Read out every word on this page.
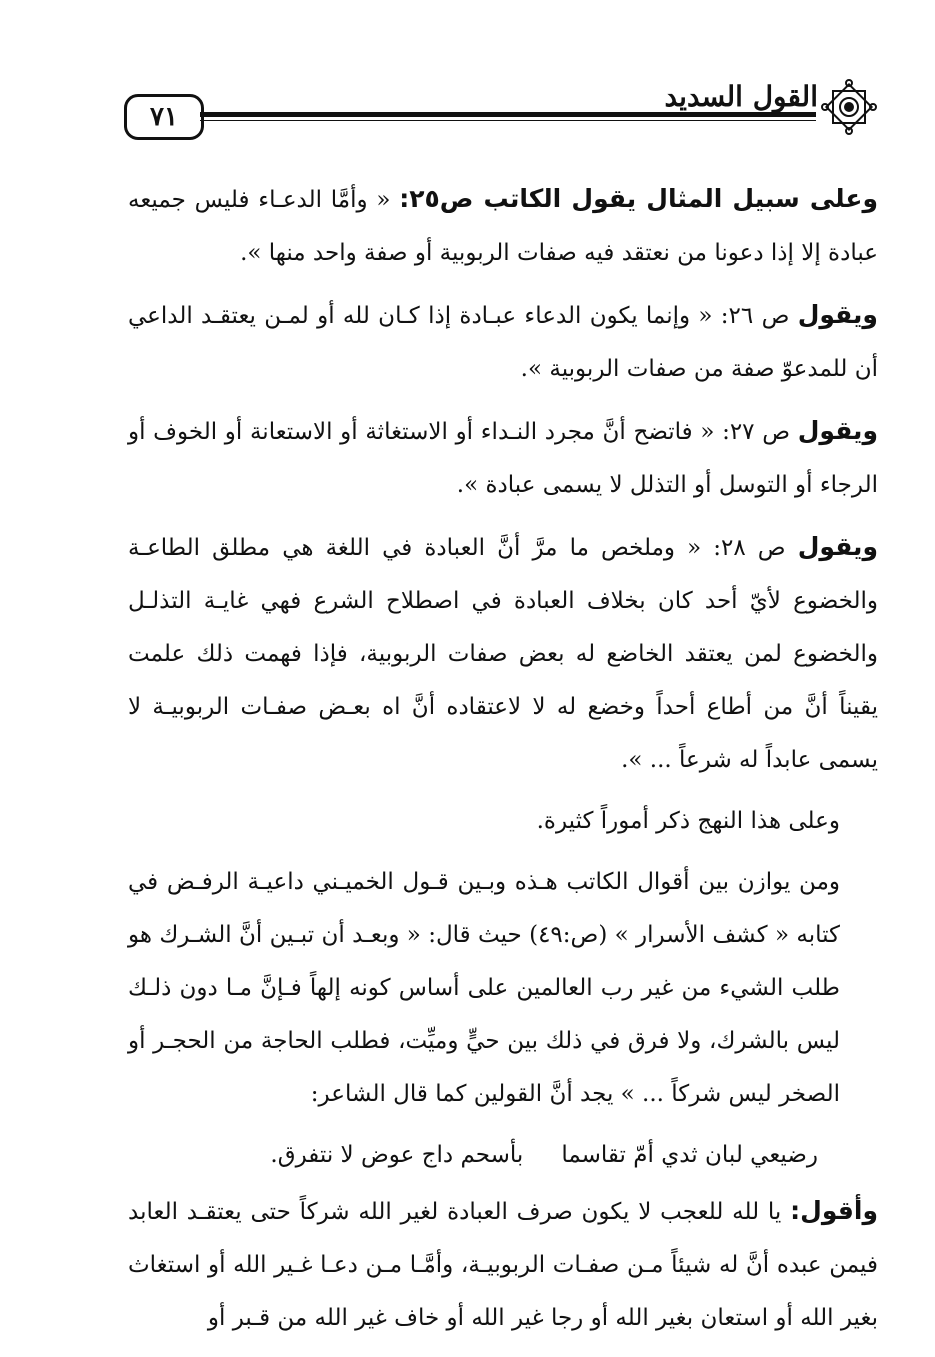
٧١
القول السديد

وعلى سبيل المثال يقول الكاتب ص٢٥: « وأمَّا الدعـاء فليس جميعه عبادة إلا إذا دعونا من نعتقد فيه صفات الربوبية أو صفة واحد منها ».

ويقول ص ٢٦: « وإنما يكون الدعاء عبـادة إذا كـان لله أو لمـن يعتقـد الداعي أن للمدعوّ صفة من صفات الربوبية ».

ويقول ص ٢٧: « فاتضح أنَّ مجرد النـداء أو الاستغاثة أو الاستعانة أو الخوف أو الرجاء أو التوسل أو التذلل لا يسمى عبادة ».

ويقول ص ٢٨: « وملخص ما مرَّ أنَّ العبادة في اللغة هي مطلق الطاعـة والخضوع لأيّ أحد كان بخلاف العبادة في اصطلاح الشرع فهي غايـة التذلـل والخضوع لمن يعتقد الخاضع له بعض صفات الربوبية، فإذا فهمت ذلك علمت يقيناً أنَّ من أطاع أحداً وخضع له لا لاعتقاده أنَّ اه بعـض صفـات الربوبيـة لا يسمى عابداً له شرعاً ... ».

وعلى هذا النهج ذكر أموراً كثيرة.

ومن يوازن بين أقوال الكاتب هـذه وبـين قـول الخميـني داعيـة الرفـض في كتابه « كشف الأسرار » (ص:٤٩) حيث قال: « وبعـد أن تبـين أنَّ الشـرك هو طلب الشيء من غير رب العالمين على أساس كونه إلهاً فـإنَّ مـا دون ذلـك ليس بالشرك، ولا فرق في ذلك بين حيٍّ وميِّت، فطلب الحاجة من الحجـر أو الصخر ليس شركاً ... » يجد أنَّ القولين كما قال الشاعر:

رضيعي لبان ثدي أمّ تقاسما
بأسحم داج عوض لا نتفرق.

وأقول: يا لله للعجب لا يكون صرف العبادة لغير الله شركاً حتى يعتقـد العابد فيمن عبده أنَّ له شيئاً مـن صفـات الربوبيـة، وأمَّـا مـن دعـا غـير الله أو استغاث بغير الله أو استعان بغير الله أو رجا غير الله أو خاف غير الله من قـبر أو
